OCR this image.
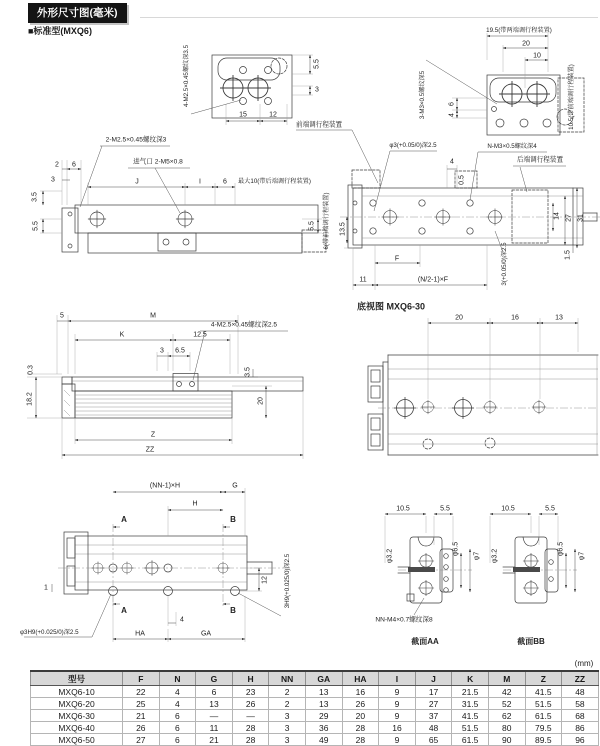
外形尺寸图(毫米)
■标准型(MXQ6)
4-M2.5×0.45螺纹深3.5
15	12
5.5
3
19.5(带两端调行程装置)
20
10
3-M3×0.5螺纹深5	6
4	10.5(带前端调行程装置)
2-M2.5×0.45螺纹深3
进气口 2-M5×0.8
2 6
3
3.5
5.5
J	I	6 最大10(带后端调行程装置)
5.5
前端调行程装置
φ3(+0.05/0)深2.5
4
0.5
N-M3×0.5螺纹深4
后端调行程装置
6(带前端调行程装置) 13.5
14 27 31
1.5
F
11	(N/2-1)×F	3(+0.05/0)深2.5
5	M
K	12.5
3 6.5
4-M2.5×0.45螺纹深2.5
0.3
18.2
3.5
20
Z
ZZ
底视图 MXQ6-30
20	16	13
(NN-1)×H	G
H
A	B
A	B
12
1
4
HA	GA
φ3H9(+0.025/0)深2.5
3H9(+0.025/0)深2.5
10.5	5.5
φ3.2	φ6.5 φ7
NN-M4×0.7螺纹深8
截面AA
10.5	5.5
φ3.2	φ6.5 φ7
截面BB
(mm)
型号	F	N	G	H	NN	GA	HA	I	J	K	M	Z	ZZ
MXQ6-10	22	4	6	23	2	13	16	9	17	21.5	42	41.5	48
MXQ6-20	25	4	13	26	2	13	26	9	27	31.5	52	51.5	58
MXQ6-30	21	6	—	—	3	29	20	9	37	41.5	62	61.5	68
MXQ6-40	26	6	11	28	3	36	28	16	48	51.5	80	79.5	86
MXQ6-50	27	6	21	28	3	49	28	9	65	61.5	90	89.5	96
